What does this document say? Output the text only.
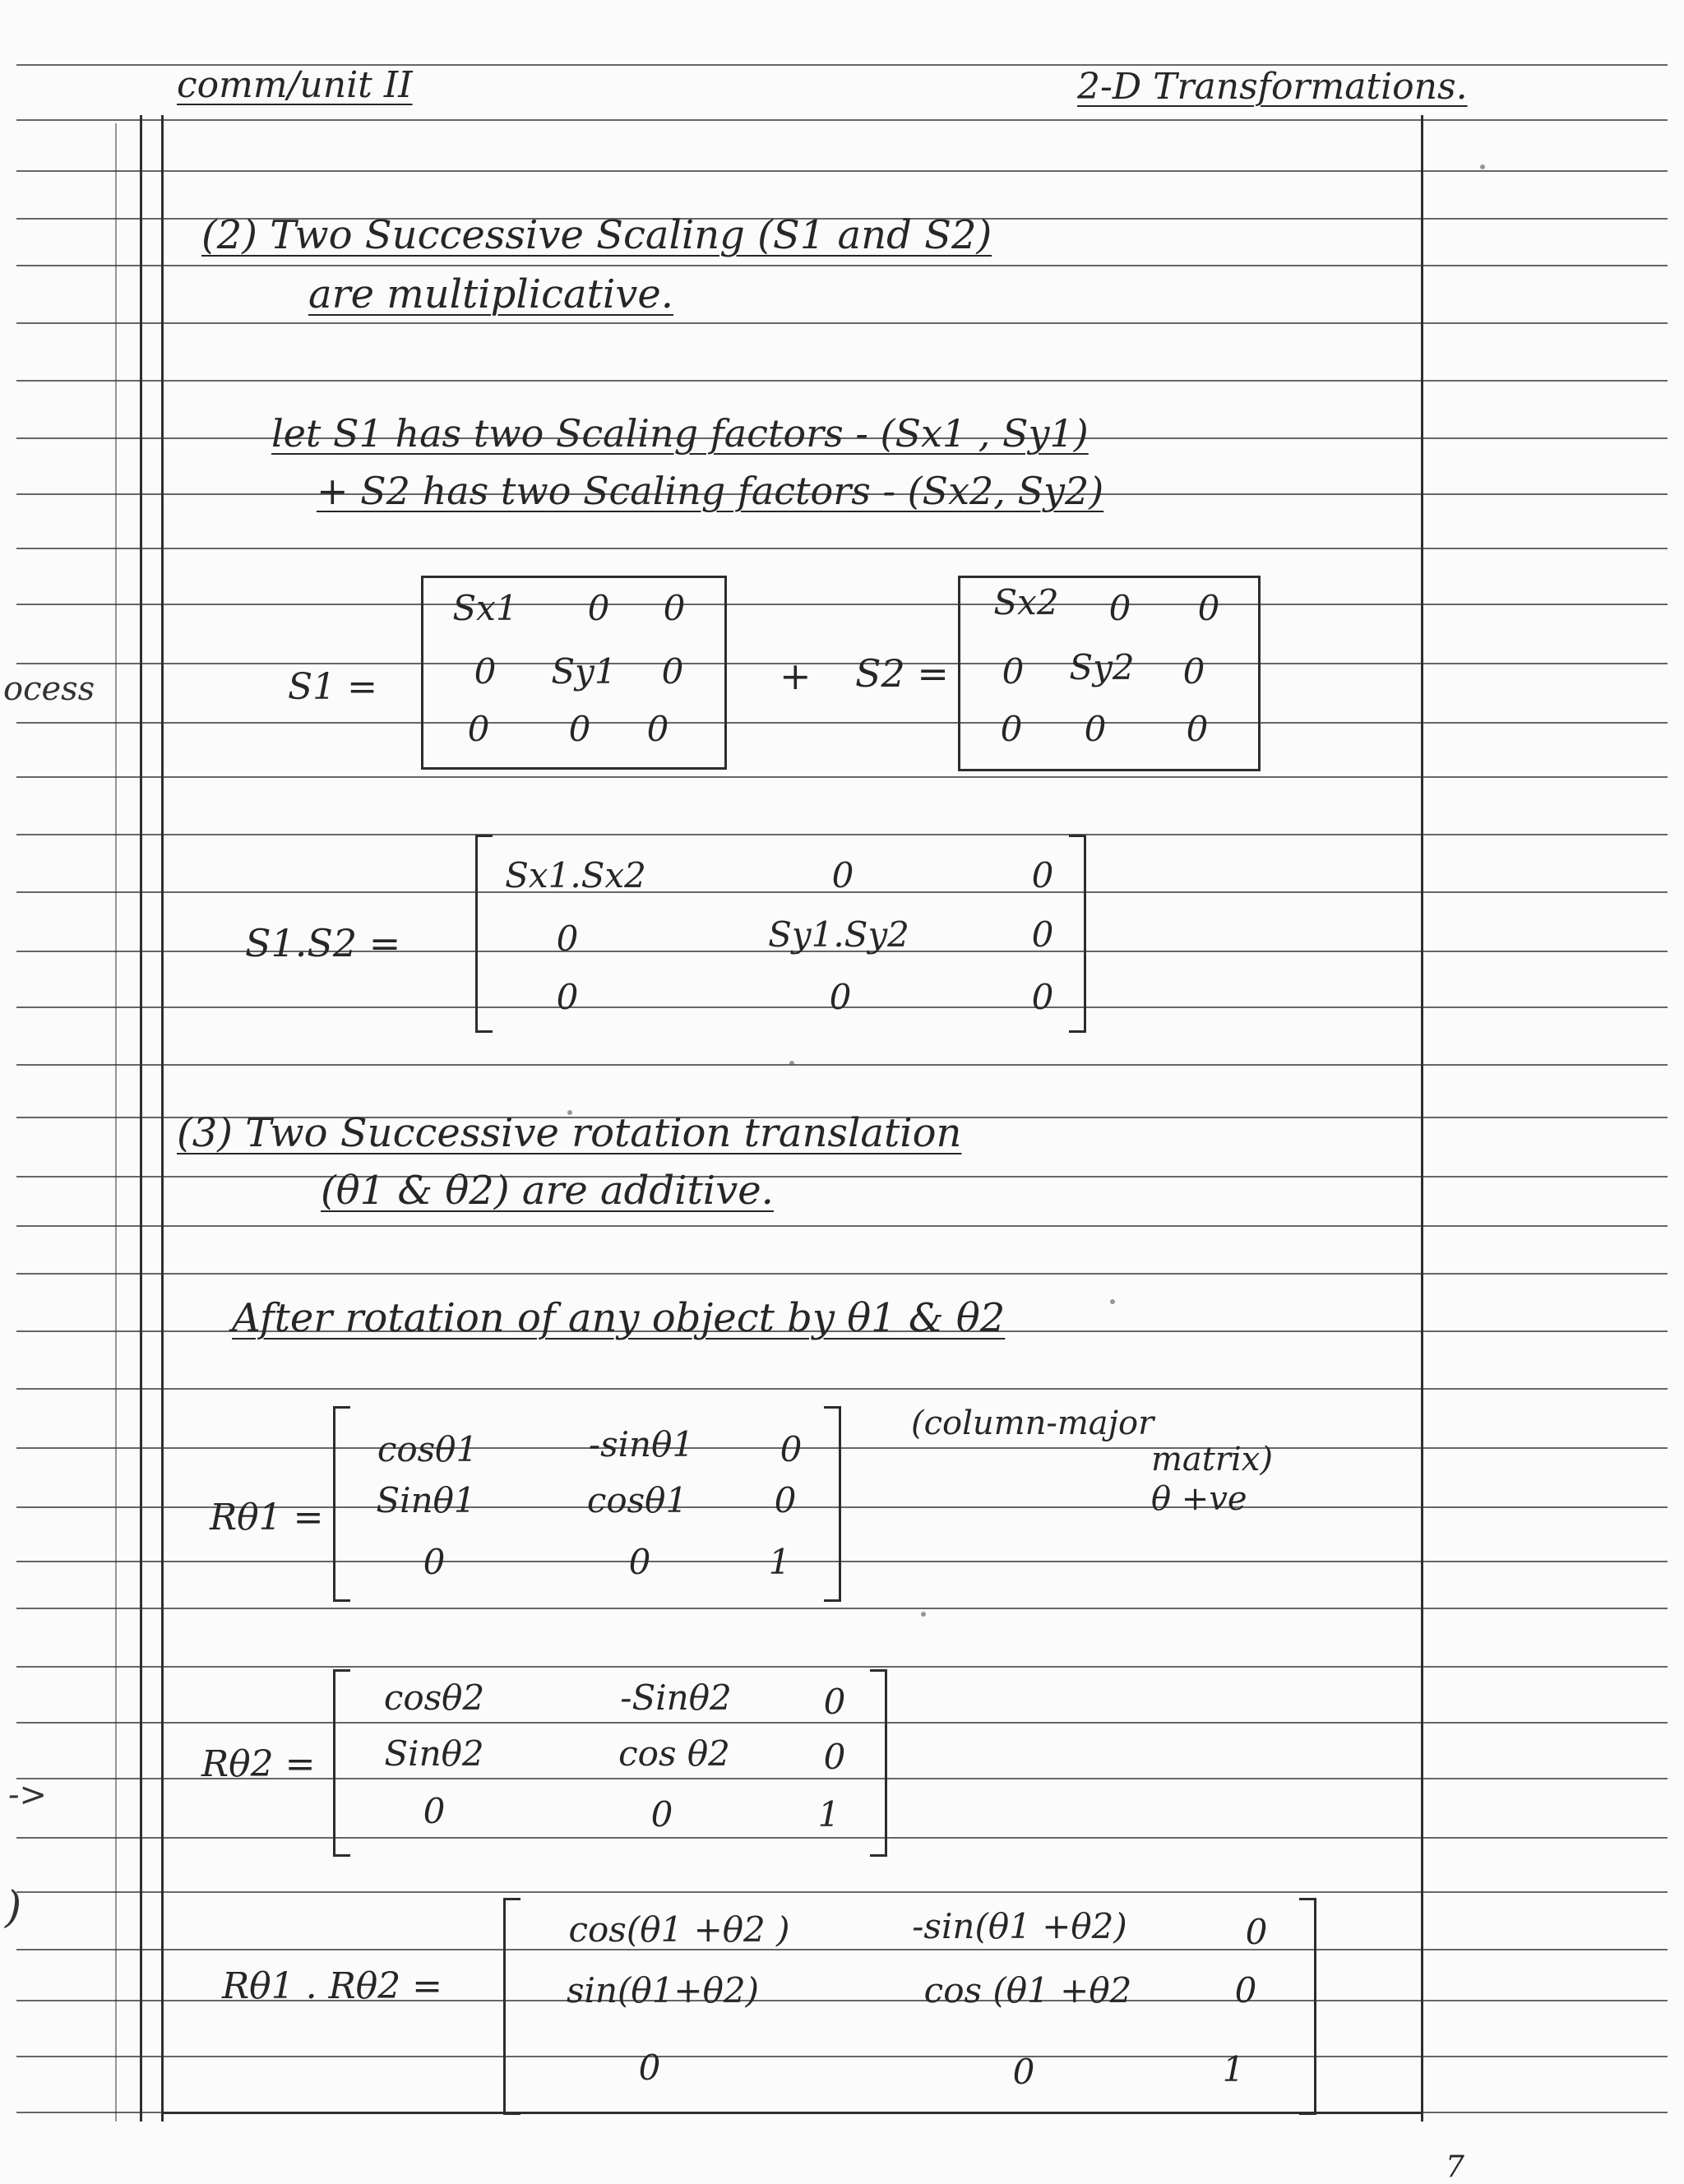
comm/unit II	2-D Transformations.
ocess
->
)
(2) Two Successive Scaling (S1 and S2)
are multiplicative.
let S1 has two Scaling factors - (Sx1 , Sy1)
+ S2 has two Scaling factors - (Sx2, Sy2)
S1 =
Sx1 0 0
0 Sy1 0
0 0 0
+ S2 =
Sx2 0 0
0 Sy2 0
0 0 0
S1.S2 =
Sx1.Sx2	0	0
0	Sy1.Sy2	0
0	0	0
(3) Two Successive rotation translation
(θ1 & θ2) are additive.
After rotation of any object by θ1 & θ2
(column-major
matrix)
θ +ve
Rθ1 =
cosθ1	-sinθ1 0
Sinθ1	cosθ1	0
0	0	1
Rθ2 =
cosθ2	-Sinθ2	0
Sinθ2	cos θ2	0
0	0	1
Rθ1 . Rθ2 =
cos(θ1 +θ2 )	-sin(θ1 +θ2)	0
sin(θ1+θ2)	cos (θ1 +θ2	0
0	0	1
7
